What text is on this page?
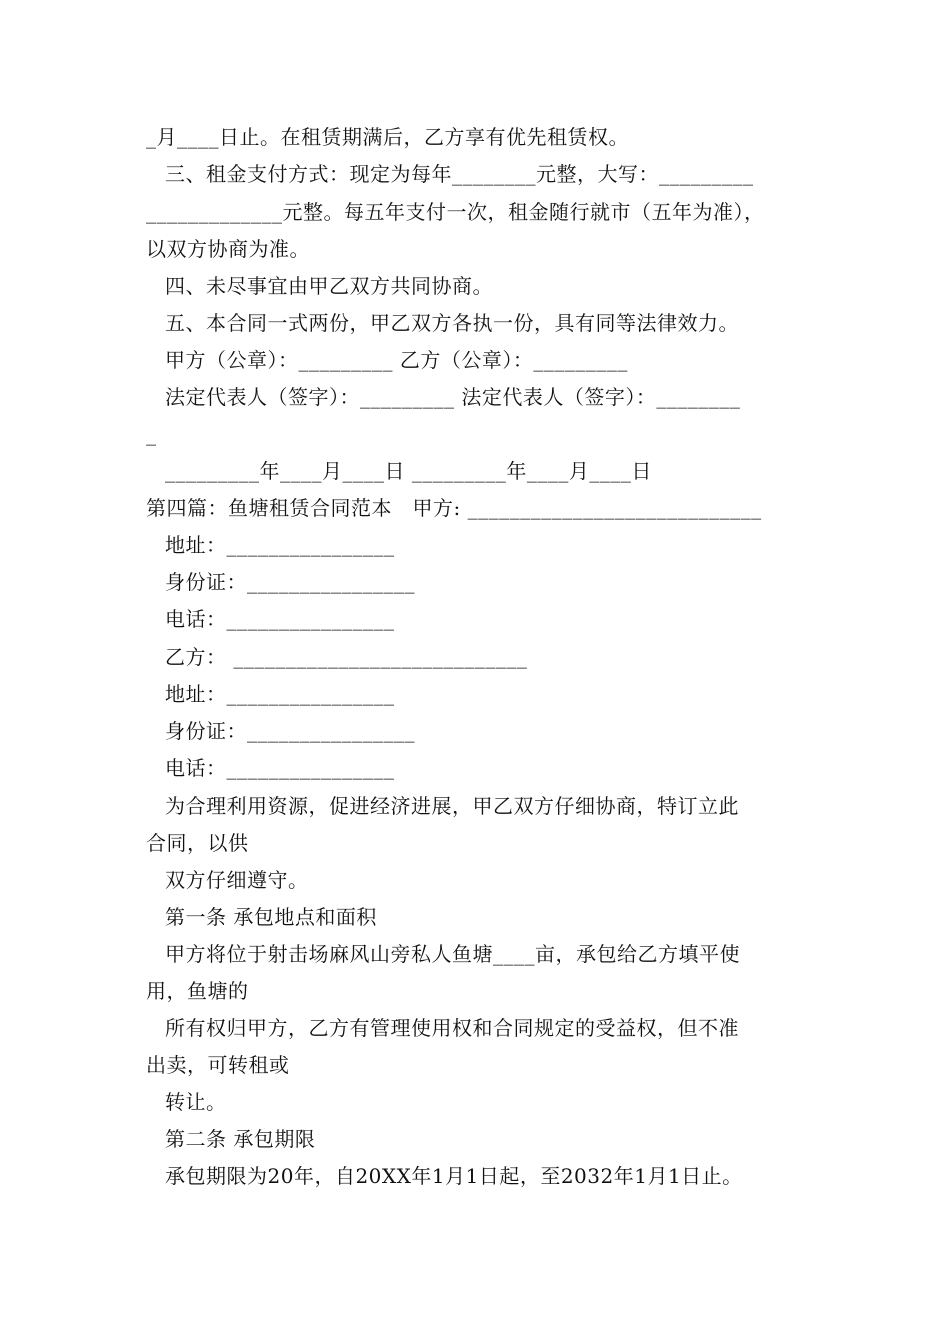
_月____日止。在租赁期满后，乙方享有优先租赁权。
三、租金支付方式：现定为每年________元整，大写：_________
_____________元整。每五年支付一次，租金随行就市（五年为准），
以双方协商为准。
四、未尽事宜由甲乙双方共同协商。
五、本合同一式两份，甲乙双方各执一份，具有同等法律效力。
甲方（公章）：_________ 乙方（公章）：_________
法定代表人（签字）：_________ 法定代表人（签字）：________
_
_________年____月____日 _________年____月____日
第四篇：鱼塘租赁合同范本　甲方: ____________________________
地址：________________
身份证：________________
电话：________________
乙方： ____________________________
地址：________________
身份证：________________
电话：________________
为合理利用资源，促进经济进展，甲乙双方仔细协商，特订立此
合同，以供
双方仔细遵守。
第一条 承包地点和面积
甲方将位于射击场麻风山旁私人鱼塘____亩，承包给乙方填平使
用，鱼塘的
所有权归甲方，乙方有管理使用权和合同规定的受益权，但不准
出卖，可转租或
转让。
第二条 承包期限
承包期限为20年，自20XX年1月1日起，至2032年1月1日止。
